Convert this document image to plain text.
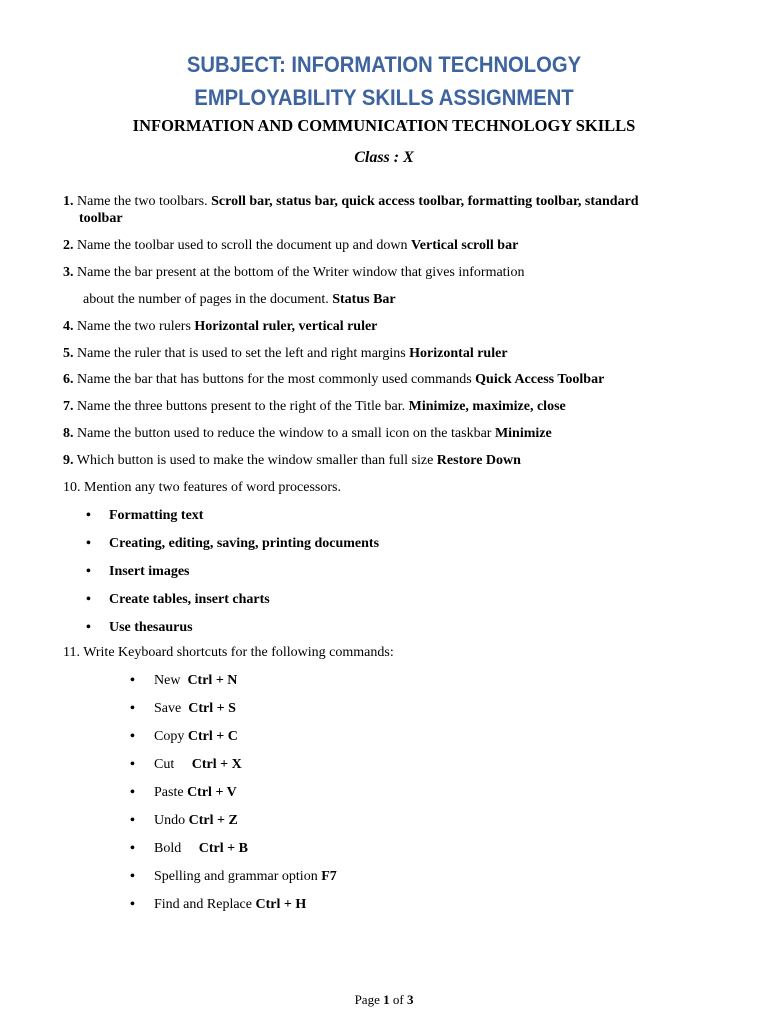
SUBJECT: INFORMATION TECHNOLOGY
EMPLOYABILITY SKILLS ASSIGNMENT
INFORMATION AND COMMUNICATION TECHNOLOGY SKILLS
Class : X
1. Name the two toolbars. Scroll bar, status bar, quick access toolbar, formatting toolbar, standard
toolbar
2. Name the toolbar used to scroll the document up and down Vertical scroll bar
3. Name the bar present at the bottom of the Writer window that gives information
about the number of pages in the document. Status Bar
4. Name the two rulers Horizontal ruler, vertical ruler
5. Name the ruler that is used to set the left and right margins Horizontal ruler
6. Name the bar that has buttons for the most commonly used commands Quick Access Toolbar
7. Name the three buttons present to the right of the Title bar. Minimize, maximize, close
8. Name the button used to reduce the window to a small icon on the taskbar Minimize
9. Which button is used to make the window smaller than full size Restore Down
10. Mention any two features of word processors.
• Formatting text
• Creating, editing, saving, printing documents
• Insert images
• Create tables, insert charts
• Use thesaurus
11. Write Keyboard shortcuts for the following commands:
• New Ctrl + N
• Save Ctrl + S
• Copy Ctrl + C
• Cut Ctrl + X
• Paste Ctrl + V
• Undo Ctrl + Z
• Bold Ctrl + B
• Spelling and grammar option F7
• Find and Replace Ctrl + H
Page 1 of 3
